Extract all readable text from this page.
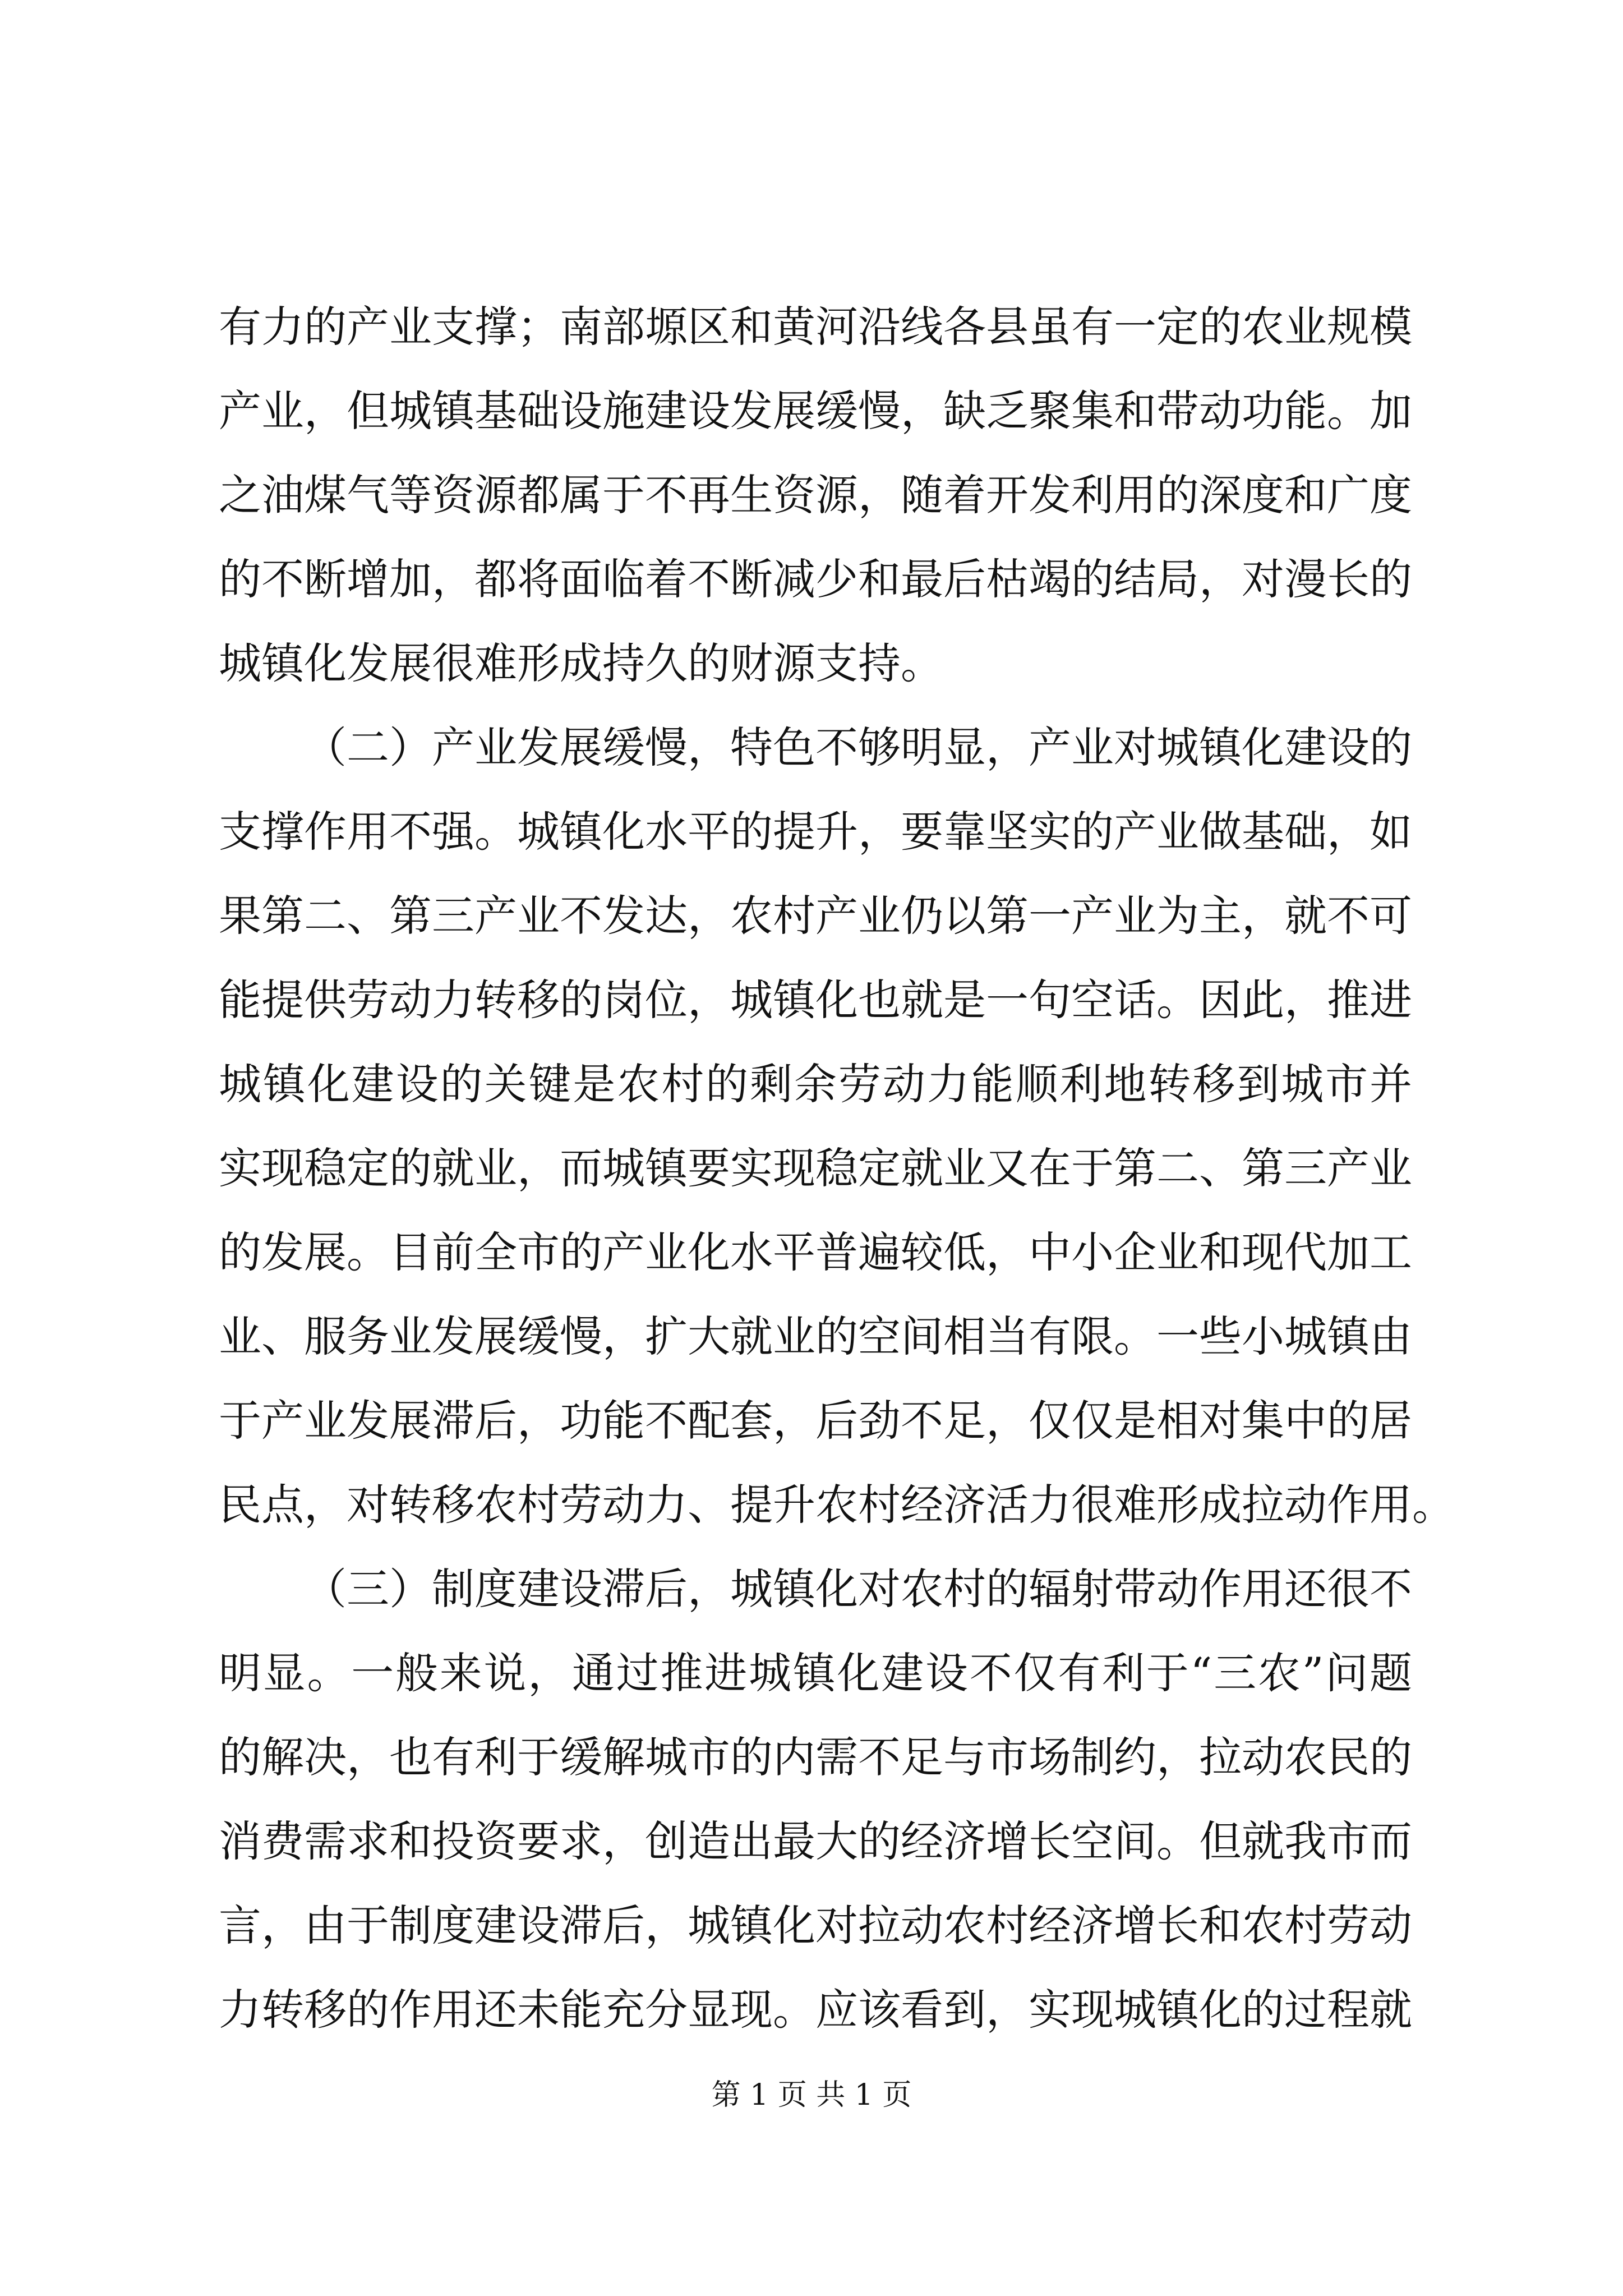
有力的产业支撑；南部塬区和黄河沿线各县虽有一定的农业规模
产业，但城镇基础设施建设发展缓慢，缺乏聚集和带动功能。加
之油煤气等资源都属于不再生资源，随着开发利用的深度和广度
的不断增加，都将面临着不断减少和最后枯竭的结局，对漫长的
城镇化发展很难形成持久的财源支持。
（二）产业发展缓慢，特色不够明显，产业对城镇化建设的
支撑作用不强。城镇化水平的提升，要靠坚实的产业做基础，如
果第二、第三产业不发达，农村产业仍以第一产业为主，就不可
能提供劳动力转移的岗位，城镇化也就是一句空话。因此，推进
城镇化建设的关键是农村的剩余劳动力能顺利地转移到城市并
实现稳定的就业，而城镇要实现稳定就业又在于第二、第三产业
的发展。目前全市的产业化水平普遍较低，中小企业和现代加工
业、服务业发展缓慢，扩大就业的空间相当有限。一些小城镇由
于产业发展滞后，功能不配套，后劲不足，仅仅是相对集中的居
民点，对转移农村劳动力、提升农村经济活力很难形成拉动作用。
（三）制度建设滞后，城镇化对农村的辐射带动作用还很不
明显。一般来说，通过推进城镇化建设不仅有利于“三农”问题
的解决，也有利于缓解城市的内需不足与市场制约，拉动农民的
消费需求和投资要求，创造出最大的经济增长空间。但就我市而
言，由于制度建设滞后，城镇化对拉动农村经济增长和农村劳动
力转移的作用还未能充分显现。应该看到，实现城镇化的过程就
第 1 页 共 1 页
